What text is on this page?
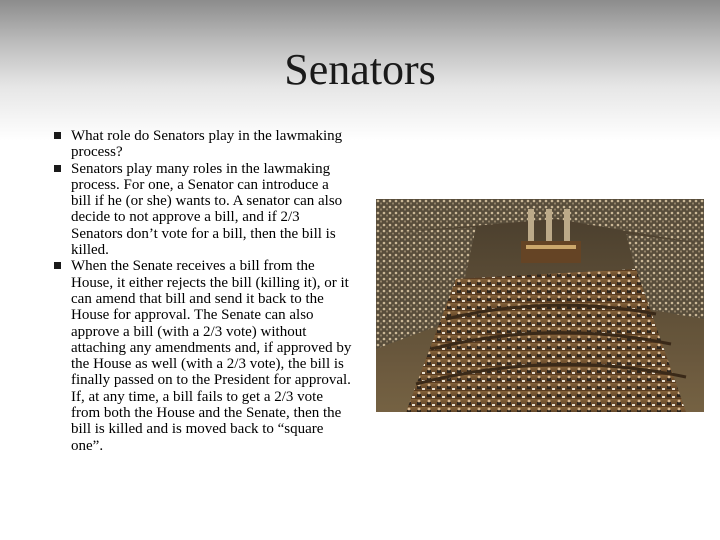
Senators
What role do Senators play in the lawmaking process?
Senators play many roles in the lawmaking process. For one, a Senator can introduce a bill if he (or she) wants to. A senator can also decide to not approve a bill, and if 2/3 Senators don’t vote for a bill, then the bill is killed.
When the Senate receives a bill from the House, it either rejects the bill (killing it), or it can amend that bill and send it back to the House for approval. The Senate can also approve a bill (with a 2/3 vote) without attaching any amendments and, if approved by the House as well (with a 2/3 vote), the bill is finally passed on to the President for approval. If, at any time, a bill fails to get a 2/3 vote from both the House and the Senate, then the bill is killed and is moved back to “square one”.
